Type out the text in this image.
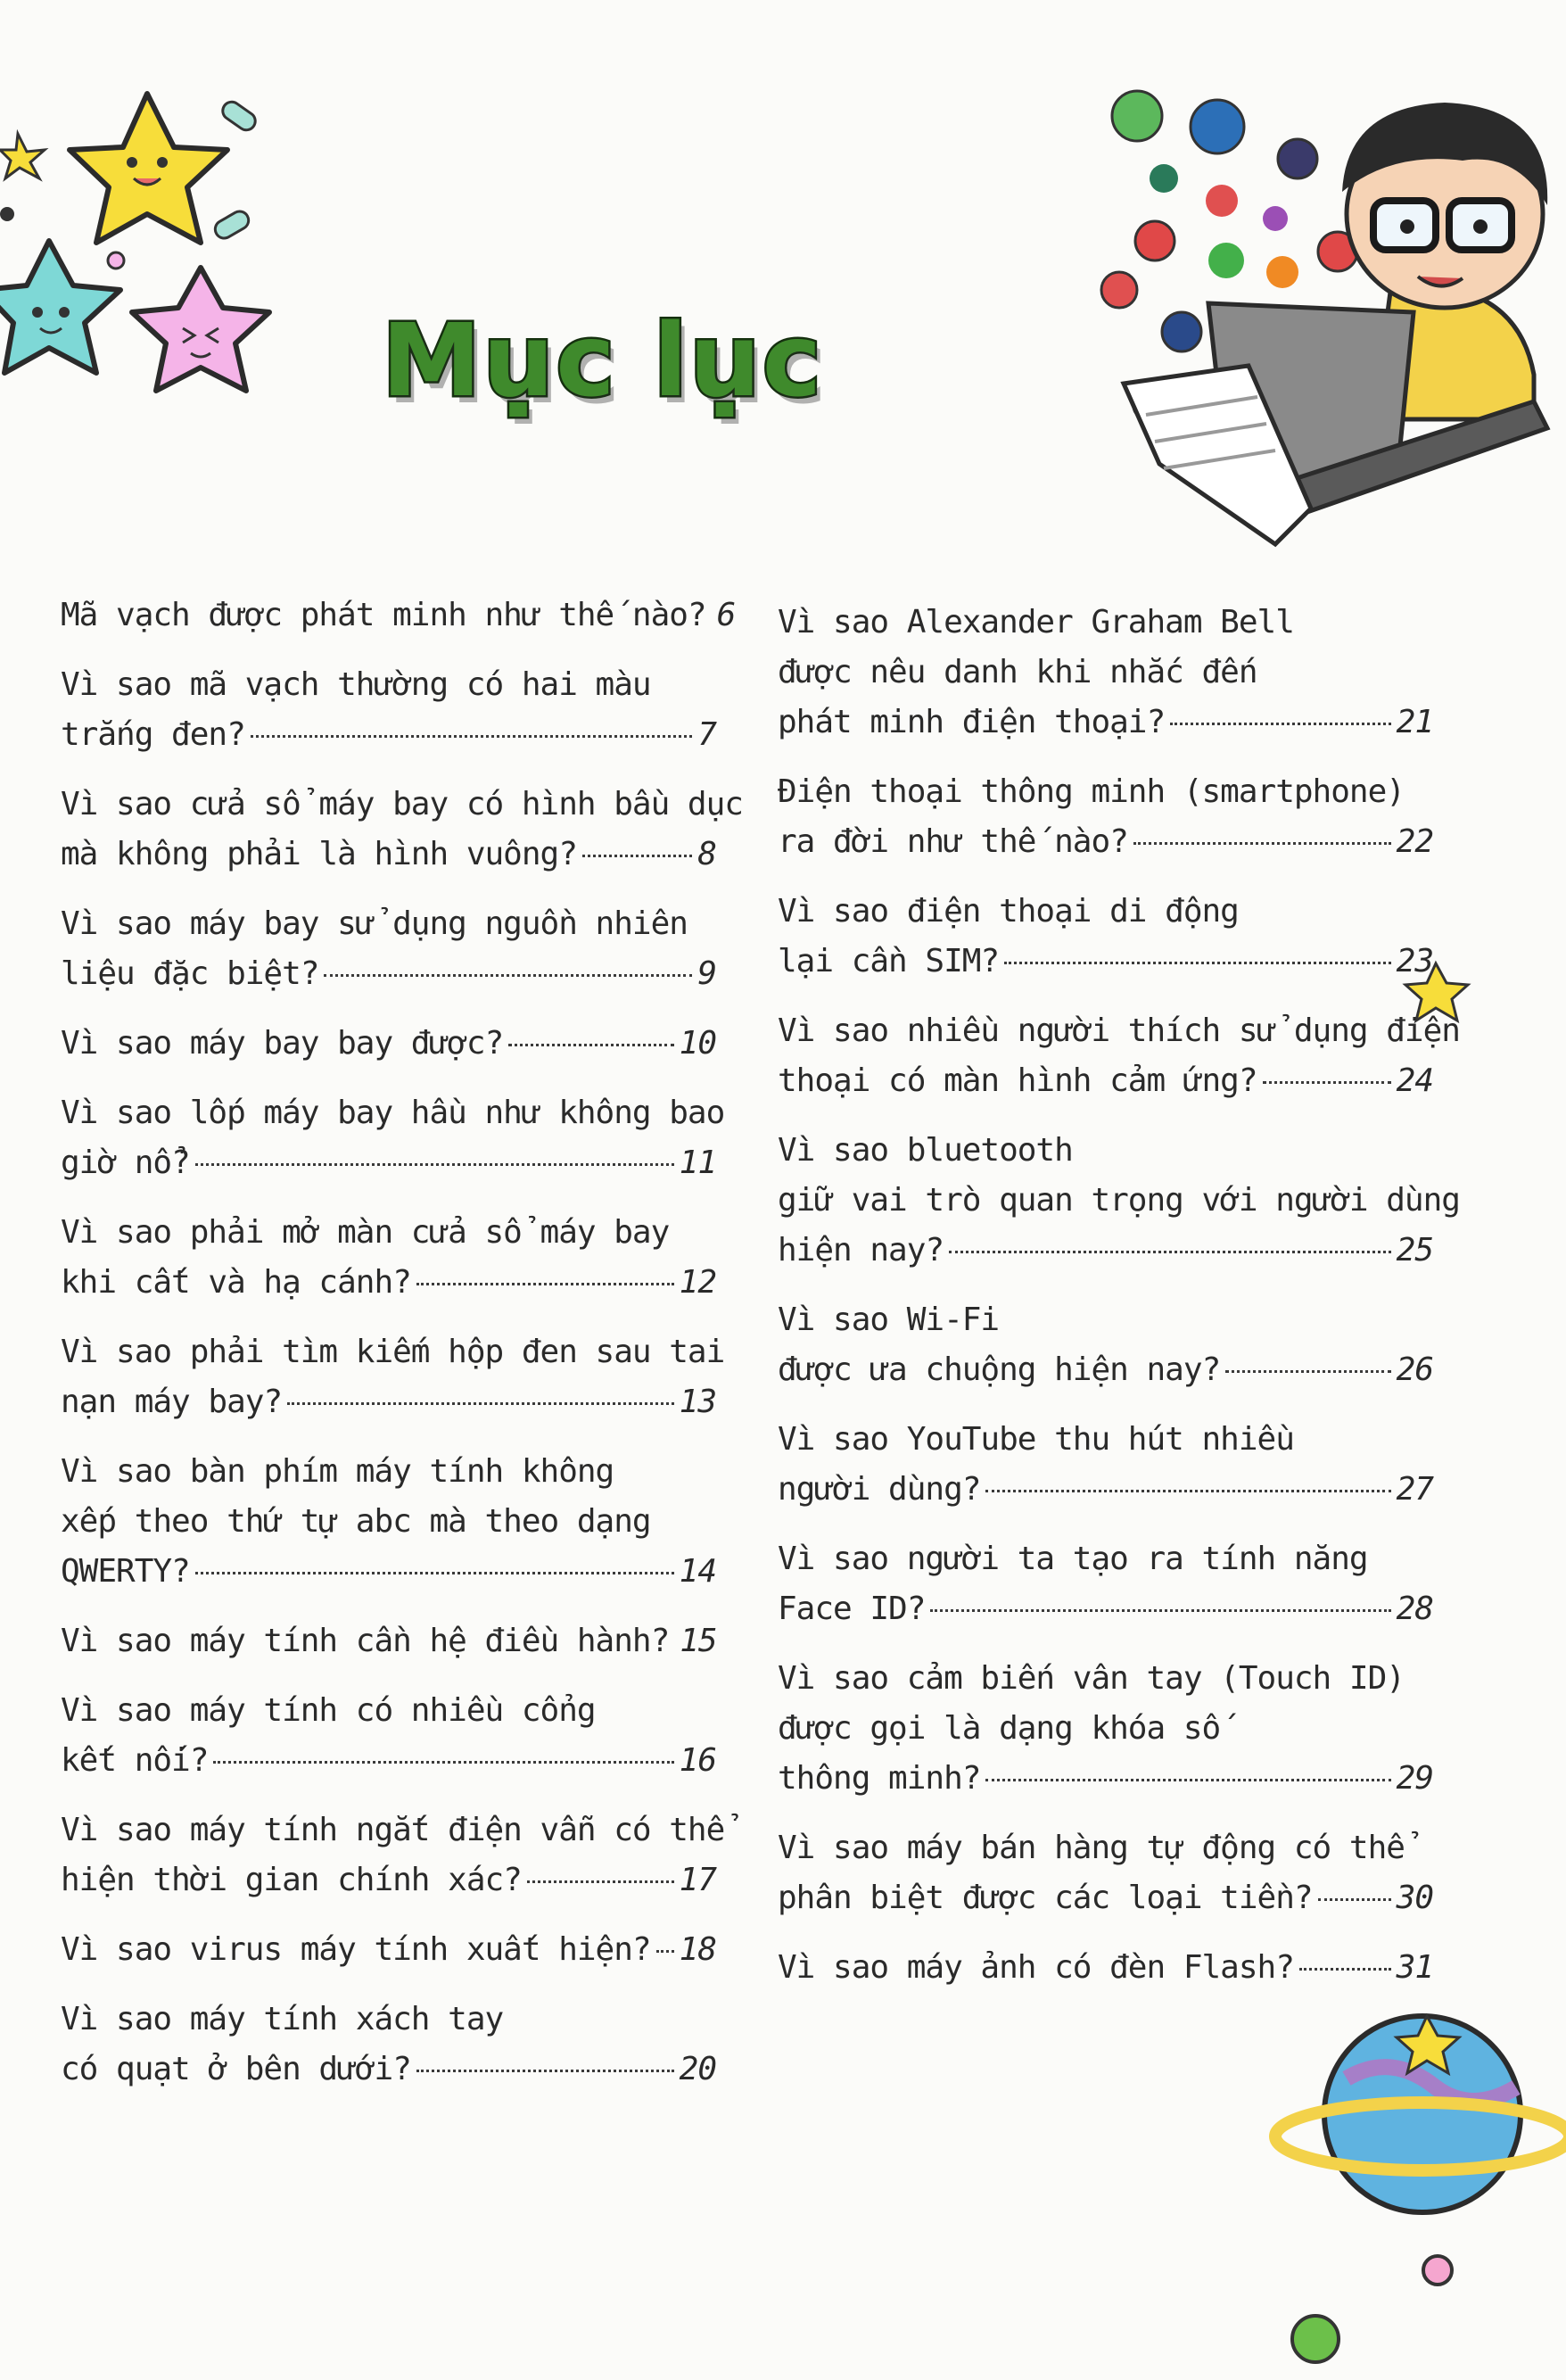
Mục lục
Mã vạch được phát minh như thế nào? 6
Vì sao mã vạch thường có hai màu
trắng đen?	7
Vì sao cửa sổ máy bay có hình bầu dục
mà không phải là hình vuông?	8
Vì sao máy bay sử dụng nguồn nhiên
liệu đặc biệt?	9
Vì sao máy bay bay được?	10
Vì sao lốp máy bay hầu như không bao
giờ nổ?	11
Vì sao phải mở màn cửa sổ máy bay
khi cất và hạ cánh?	12
Vì sao phải tìm kiếm hộp đen sau tai
nạn máy bay?	13
Vì sao bàn phím máy tính không
xếp theo thứ tự abc mà theo dạng
QWERTY?	14
Vì sao máy tính cần hệ điều hành? 15
Vì sao máy tính có nhiều cổng
kết nối?	16
Vì sao máy tính ngắt điện vẫn có thể
hiện thời gian chính xác?	17
Vì sao virus máy tính xuất hiện? 18
Vì sao máy tính xách tay
có quạt ở bên dưới?	20
Vì sao Alexander Graham Bell
được nêu danh khi nhắc đến
phát minh điện thoại?	21
Điện thoại thông minh (smartphone)
ra đời như thế nào?	22
Vì sao điện thoại di động
lại cần SIM?	23
Vì sao nhiều người thích sử dụng điện
thoại có màn hình cảm ứng?	24
Vì sao bluetooth
giữ vai trò quan trọng với người dùng
hiện nay?	25
Vì sao Wi-Fi
được ưa chuộng hiện nay?	26
Vì sao YouTube thu hút nhiều
người dùng?	27
Vì sao người ta tạo ra tính năng
Face ID?	28
Vì sao cảm biến vân tay (Touch ID)
được gọi là dạng khóa số
thông minh?	29
Vì sao máy bán hàng tự động có thể
phân biệt được các loại tiền?	30
Vì sao máy ảnh có đèn Flash?	31
